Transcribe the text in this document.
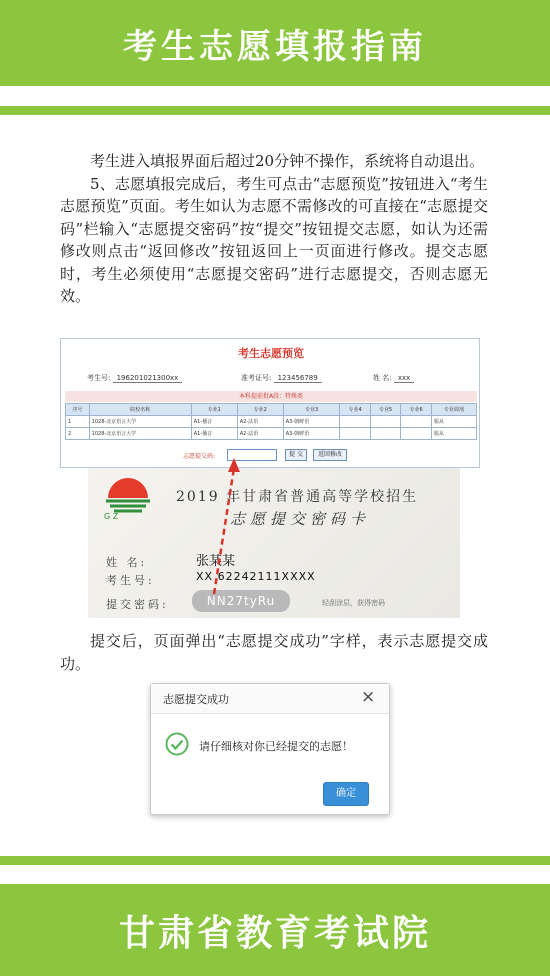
考生志愿填报指南

考生进入填报界面后超过20分钟不操作，系统将自动退出。

5、志愿填报完成后，考生可点击“志愿预览”按钮进入“考生志愿预览”页面。考生如认为志愿不需修改的可直接在“志愿提交码”栏输入“志愿提交密码”按“提交”按钮提交志愿，如认为还需修改则点击“返回修改”按钮返回上一页面进行修改。提交志愿时，考生必须使用“志愿提交密码”进行志愿提交，否则志愿无效。

考生志愿预览
考生号: 196201021300xx	准考证号: 123456789	姓 名: xxx
本科提前批A段：特殊类
序号	院校名称	专业1	专业2	专业3	专业4	专业5	专业6	专业调剂
1	1028-北京语言大学	A1-播音	A2-法语	A3-朝鲜语				服从
2	1028-北京语言大学	A1-播音	A2-法语	A3-朝鲜语				服从
志愿提交码:	提 交	返回修改
G Z
2019 年甘肃省普通高等学校招生
志愿提交密码卡
姓 名:	张某某
考生号:	XX 62242111XXXX
提交密码:	NN27tyRu	轻刮涂层，获得密码

提交后，页面弹出“志愿提交成功”字样，表示志愿提交成功。

志愿提交成功	×
请仔细核对你已经提交的志愿！
确定
甘肃省教育考试院
